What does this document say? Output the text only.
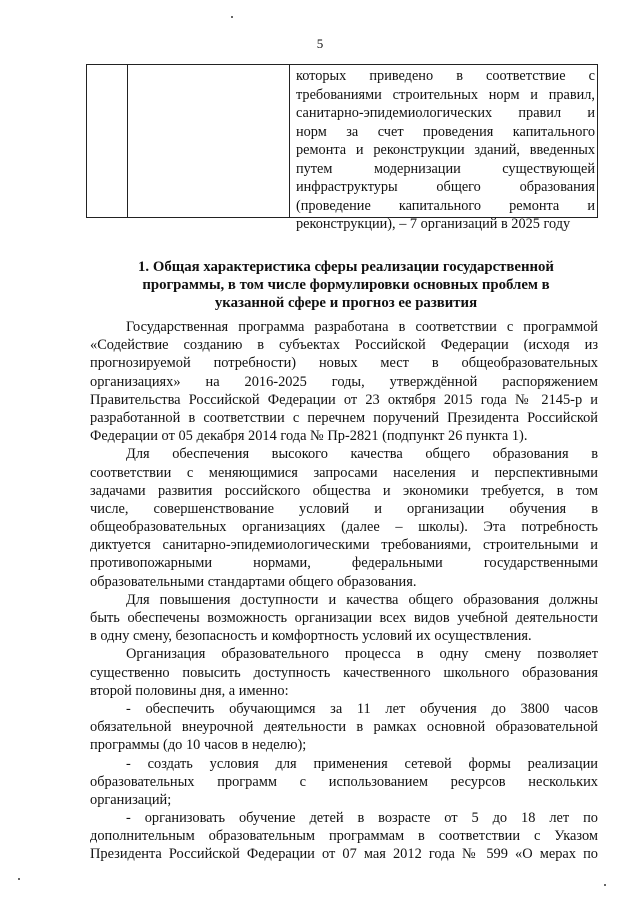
5
которых приведено в соответствие с
требованиями строительных норм и правил,
санитарно-эпидемиологических правил и
норм за счет проведения капитального
ремонта и реконструкции зданий, введенных
путем модернизации существующей
инфраструктуры общего образования
(проведение капитального ремонта и
реконструкции), – 7 организаций в 2025 году
1. Общая характеристика сферы реализации государственной
программы, в том числе формулировки основных проблем в
указанной сфере и прогноз ее развития
Государственная программа разработана в соответствии с программой
«Содействие созданию в субъектах Российской Федерации (исходя из
прогнозируемой потребности) новых мест в общеобразовательных
организациях» на 2016-2025 годы, утверждённой распоряжением
Правительства Российской Федерации от 23 октября 2015 года № 2145-р и
разработанной в соответствии с перечнем поручений Президента Российской
Федерации от 05 декабря 2014 года № Пр-2821 (подпункт 26 пункта 1).
Для обеспечения высокого качества общего образования в
соответствии с меняющимися запросами населения и перспективными
задачами развития российского общества и экономики требуется, в том
числе, совершенствование условий и организации обучения в
общеобразовательных организациях (далее – школы). Эта потребность
диктуется санитарно-эпидемиологическими требованиями, строительными и
противопожарными нормами, федеральными государственными
образовательными стандартами общего образования.
Для повышения доступности и качества общего образования должны
быть обеспечены возможность организации всех видов учебной деятельности
в одну смену, безопасность и комфортность условий их осуществления.
Организация образовательного процесса в одну смену позволяет
существенно повысить доступность качественного школьного образования
второй половины дня, а именно:
- обеспечить обучающимся за 11 лет обучения до 3800 часов
обязательной внеурочной деятельности в рамках основной образовательной
программы (до 10 часов в неделю);
- создать условия для применения сетевой формы реализации
образовательных программ с использованием ресурсов нескольких
организаций;
- организовать обучение детей в возрасте от 5 до 18 лет по
дополнительным образовательным программам в соответствии с Указом
Президента Российской Федерации от 07 мая 2012 года № 599 «О мерах по
